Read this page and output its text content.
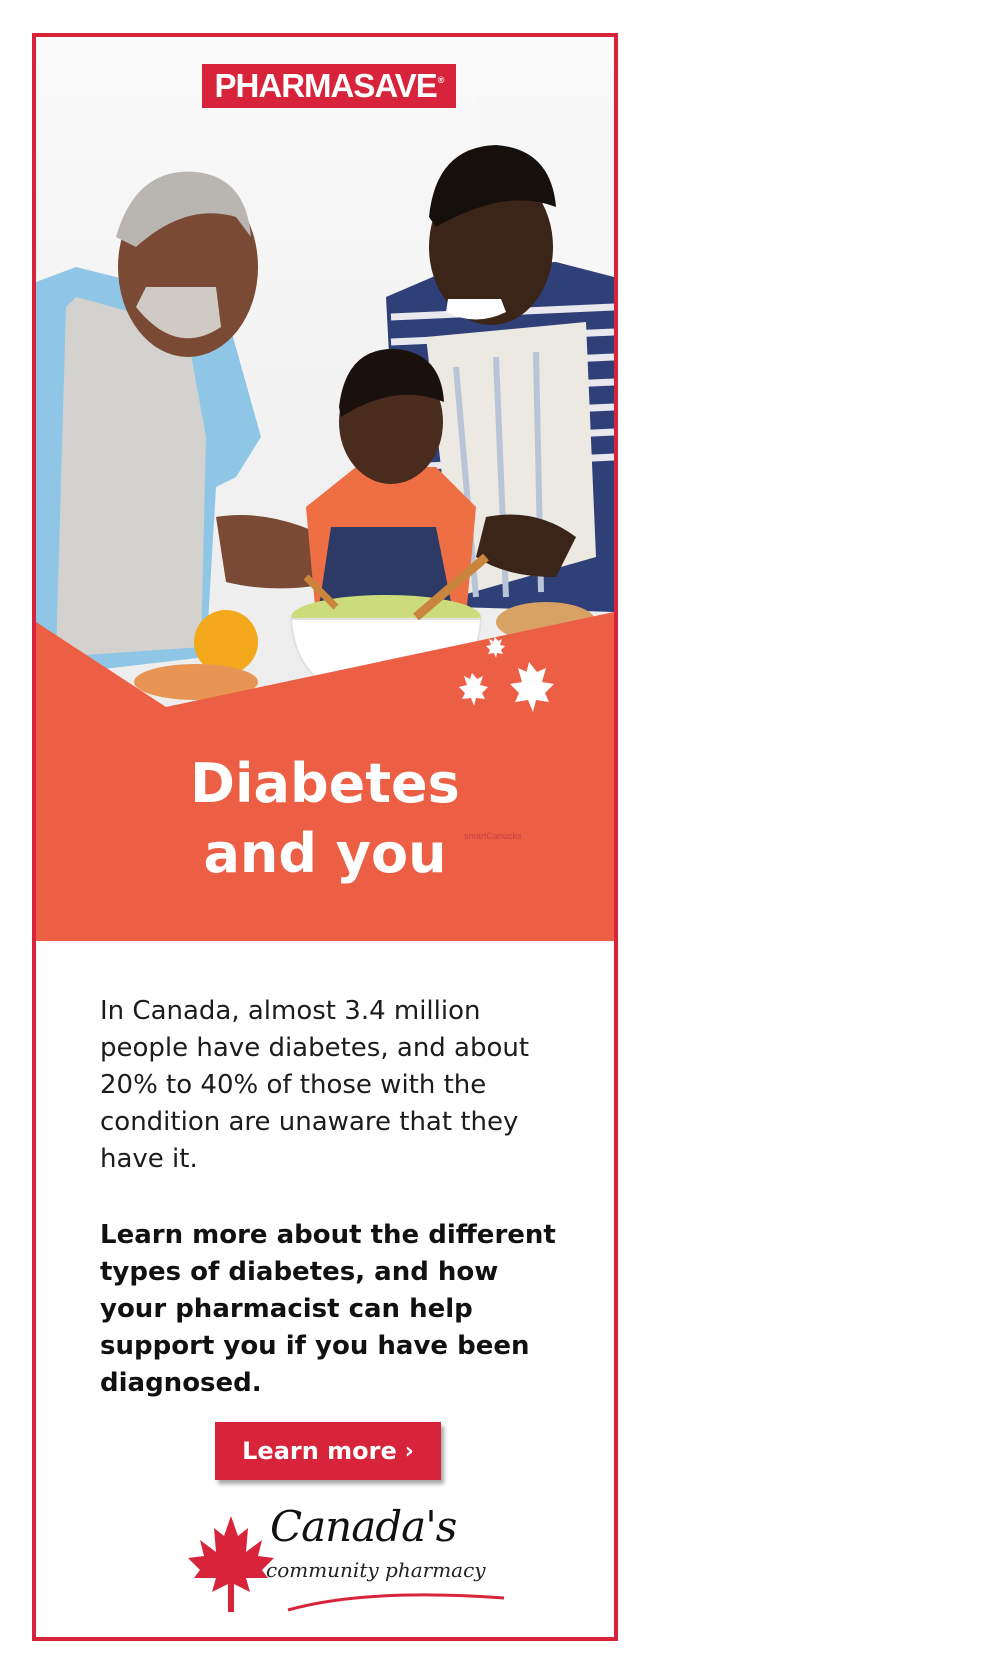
PHARMASAVE®
Diabetes
and you	smartCanucks

In Canada, almost 3.4 million people have diabetes, and about 20% to 40% of those with the condition are unaware that they have it.

Learn more about the different types of diabetes, and how your pharmacist can help support you if you have been diagnosed.

Learn more ›
Canada's
community pharmacy
